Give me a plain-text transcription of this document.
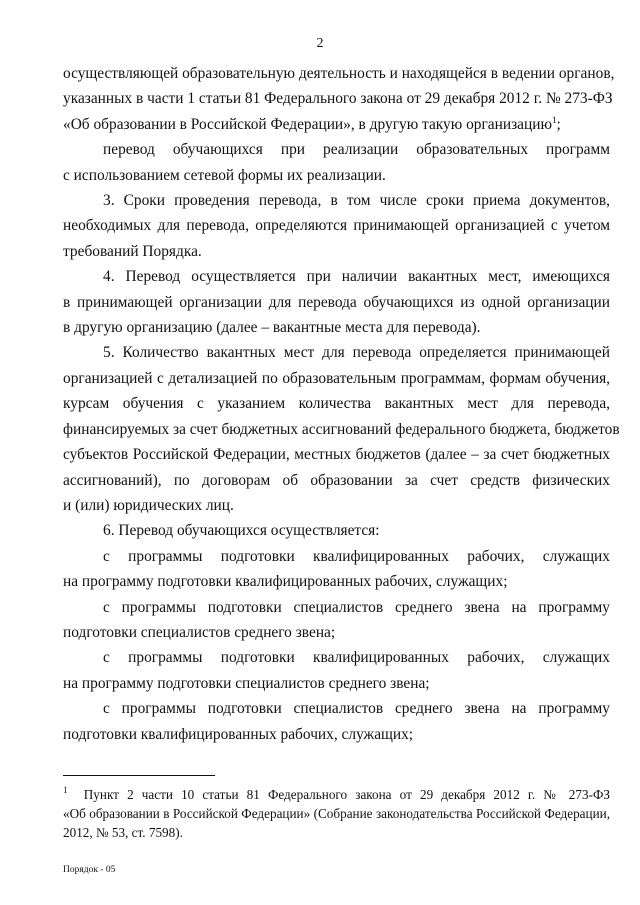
2

осуществляющей образовательную деятельность и находящейся в ведении органов,
указанных в части 1 статьи 81 Федерального закона от 29 декабря 2012 г. № 273-ФЗ
«Об образовании в Российской Федерации», в другую такую организацию$^1$;

перевод обучающихся при реализации образовательных программ
с использованием сетевой формы их реализации.

3. Сроки проведения перевода, в том числе сроки приема документов,
необходимых для перевода, определяются принимающей организацией с учетом
требований Порядка.

4. Перевод осуществляется при наличии вакантных мест, имеющихся
в принимающей организации для перевода обучающихся из одной организации
в другую организацию (далее – вакантные места для перевода).

5. Количество вакантных мест для перевода определяется принимающей
организацией с детализацией по образовательным программам, формам обучения,
курсам обучения с указанием количества вакантных мест для перевода,
финансируемых за счет бюджетных ассигнований федерального бюджета, бюджетов
субъектов Российской Федерации, местных бюджетов (далее – за счет бюджетных
ассигнований), по договорам об образовании за счет средств физических
и (или) юридических лиц.

6. Перевод обучающихся осуществляется:

с программы подготовки квалифицированных рабочих, служащих
на программу подготовки квалифицированных рабочих, служащих;

с программы подготовки специалистов среднего звена на программу
подготовки специалистов среднего звена;

с программы подготовки квалифицированных рабочих, служащих
на программу подготовки специалистов среднего звена;

с программы подготовки специалистов среднего звена на программу
подготовки квалифицированных рабочих, служащих;

$^1$ Пункт 2 части 10 статьи 81 Федерального закона от 29 декабря 2012 г. № 273-ФЗ
«Об образовании в Российской Федерации» (Собрание законодательства Российской Федерации,
2012, № 53, ст. 7598).
Порядок - 05
